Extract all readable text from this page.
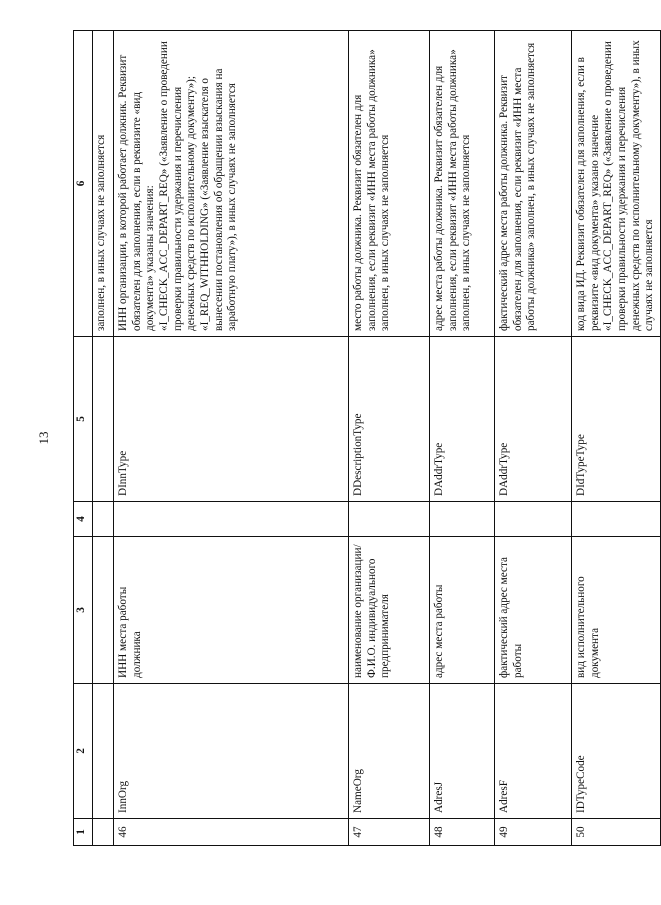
13
1	2	3	4	5	6
					заполнен, в иных случаях не заполняется
46	InnOrg	ИНН места работы должника		DInnType	ИНН организации, в которой работает должник. Реквизит обязателен для заполнения, если в реквизите «вид документа» указаны значения: «I_CHECK_ACC_DEPART_REQ» («Заявление о проведении проверки правильности удержания и перечисления денежных средств по исполнительному документу»); «I_REQ_WITHHOLDING» («Заявление взыскателя о вынесении постановления об обращении взыскания на заработную плату»), в иных случаях не заполняется
47	NameOrg	наименование организации/Ф.И.О. индивидуального предпринимателя		DDescriptionType	место работы должника. Реквизит обязателен для заполнения, если реквизит «ИНН места работы должника» заполнен, в иных случаях не заполняется
48	AdresJ	адрес места работы		DAddrType	адрес места работы должника. Реквизит обязателен для заполнения, если реквизит «ИНН места работы должника» заполнен, в иных случаях не заполняется
49	AdresF	фактический адрес места работы		DAddrType	фактический адрес места работы должника. Реквизит обязателен для заполнения, если реквизит «ИНН места работы должника» заполнен, в иных случаях не заполняется
50	IDTypeCode	вид исполнительного документа		DIdTypeType	код вида ИД. Реквизит обязателен для заполнения, если в реквизите «вид документа» указано значение «I_CHECK_ACC_DEPART_REQ» («Заявление о проведении проверки правильности удержания и перечисления денежных средств по исполнительному документу»), в иных случаях не заполняется
